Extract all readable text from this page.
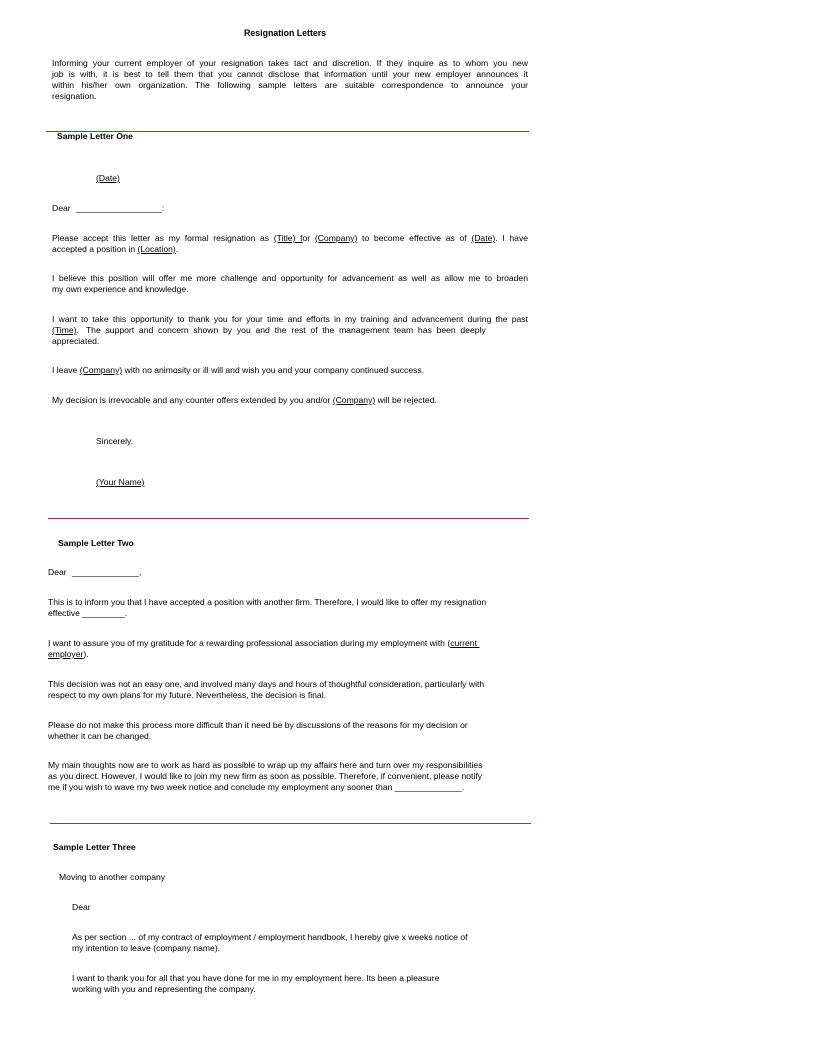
Resignation Letters
Informing your current employer of your resignation takes tact and discretion. If they inquire as to whom you new
job is with, it is best to tell them that you cannot disclose that information until your new employer announces it
within his/her own organization. The following sample letters are suitable correspondence to announce your
resignation.
Sample Letter One
(Date)
Dear __________________:
Please accept this letter as my formal resignation as (Title) for (Company) to become effective as of (Date). I have
accepted a position in (Location).
I believe this position will offer me more challenge and opportunity for advancement as well as allow me to broaden
my own experience and knowledge.
I want to take this opportunity to thank you for your time and efforts in my training and advancement during the past
(Time).   The  support  and  concern  shown  by  you  and  the  rest  of  the  management  team  has  been  deeply
appreciated.
I leave (Company) with no animosity or ill will and wish you and your company continued success.
My decision is irrevocable and any counter offers extended by you and/or (Company) will be rejected.
Sincerely,
(Your Name)
Sample Letter Two
Dear ______________,
This is to inform you that I have accepted a position with another firm. Therefore, I would like to offer my resignation
effective _________.
I want to assure you of my gratitude for a rewarding professional association during my employment with (current
employer).
This decision was not an easy one, and involved many days and hours of thoughtful consideration, particularly with
respect to my own plans for my future. Nevertheless, the decision is final.
Please do not make this process more difficult than it need be by discussions of the reasons for my decision or
whether it can be changed.
My main thoughts now are to work as hard as possible to wrap up my affairs here and turn over my responsibilities
as you direct. However, I would like to join my new firm as soon as possible. Therefore, if convenient, please notify
me if you wish to wave my two week notice and conclude my employment any sooner than ______________.
Sample Letter Three
Moving to another company
Dear
As per section ... of my contract of employment / employment handbook, I hereby give x weeks notice of
my intention to leave (company name).
I want to thank you for all that you have done for me in my employment here. Its been a pleasure
working with you and representing the company.
